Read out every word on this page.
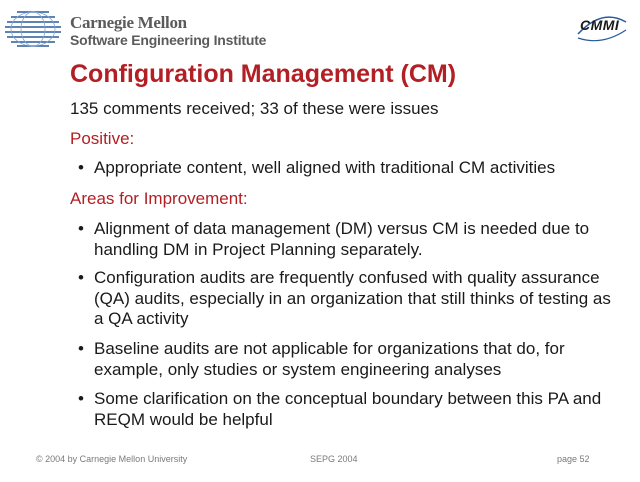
Carnegie Mellon
Software Engineering Institute
CMMI
Configuration Management (CM)
135 comments received; 33 of these were issues
Positive:
• Appropriate content, well aligned with traditional CM activities
Areas for Improvement:
• Alignment of data management (DM) versus CM is needed due to handling DM in Project Planning separately.
• Configuration audits are frequently confused with quality assurance (QA) audits, especially in an organization that still thinks of testing as a QA activity
• Baseline audits are not applicable for organizations that do, for example, only studies or system engineering analyses
• Some clarification on the conceptual boundary between this PA and REQM would be helpful
© 2004 by Carnegie Mellon University	SEPG 2004	page 52
